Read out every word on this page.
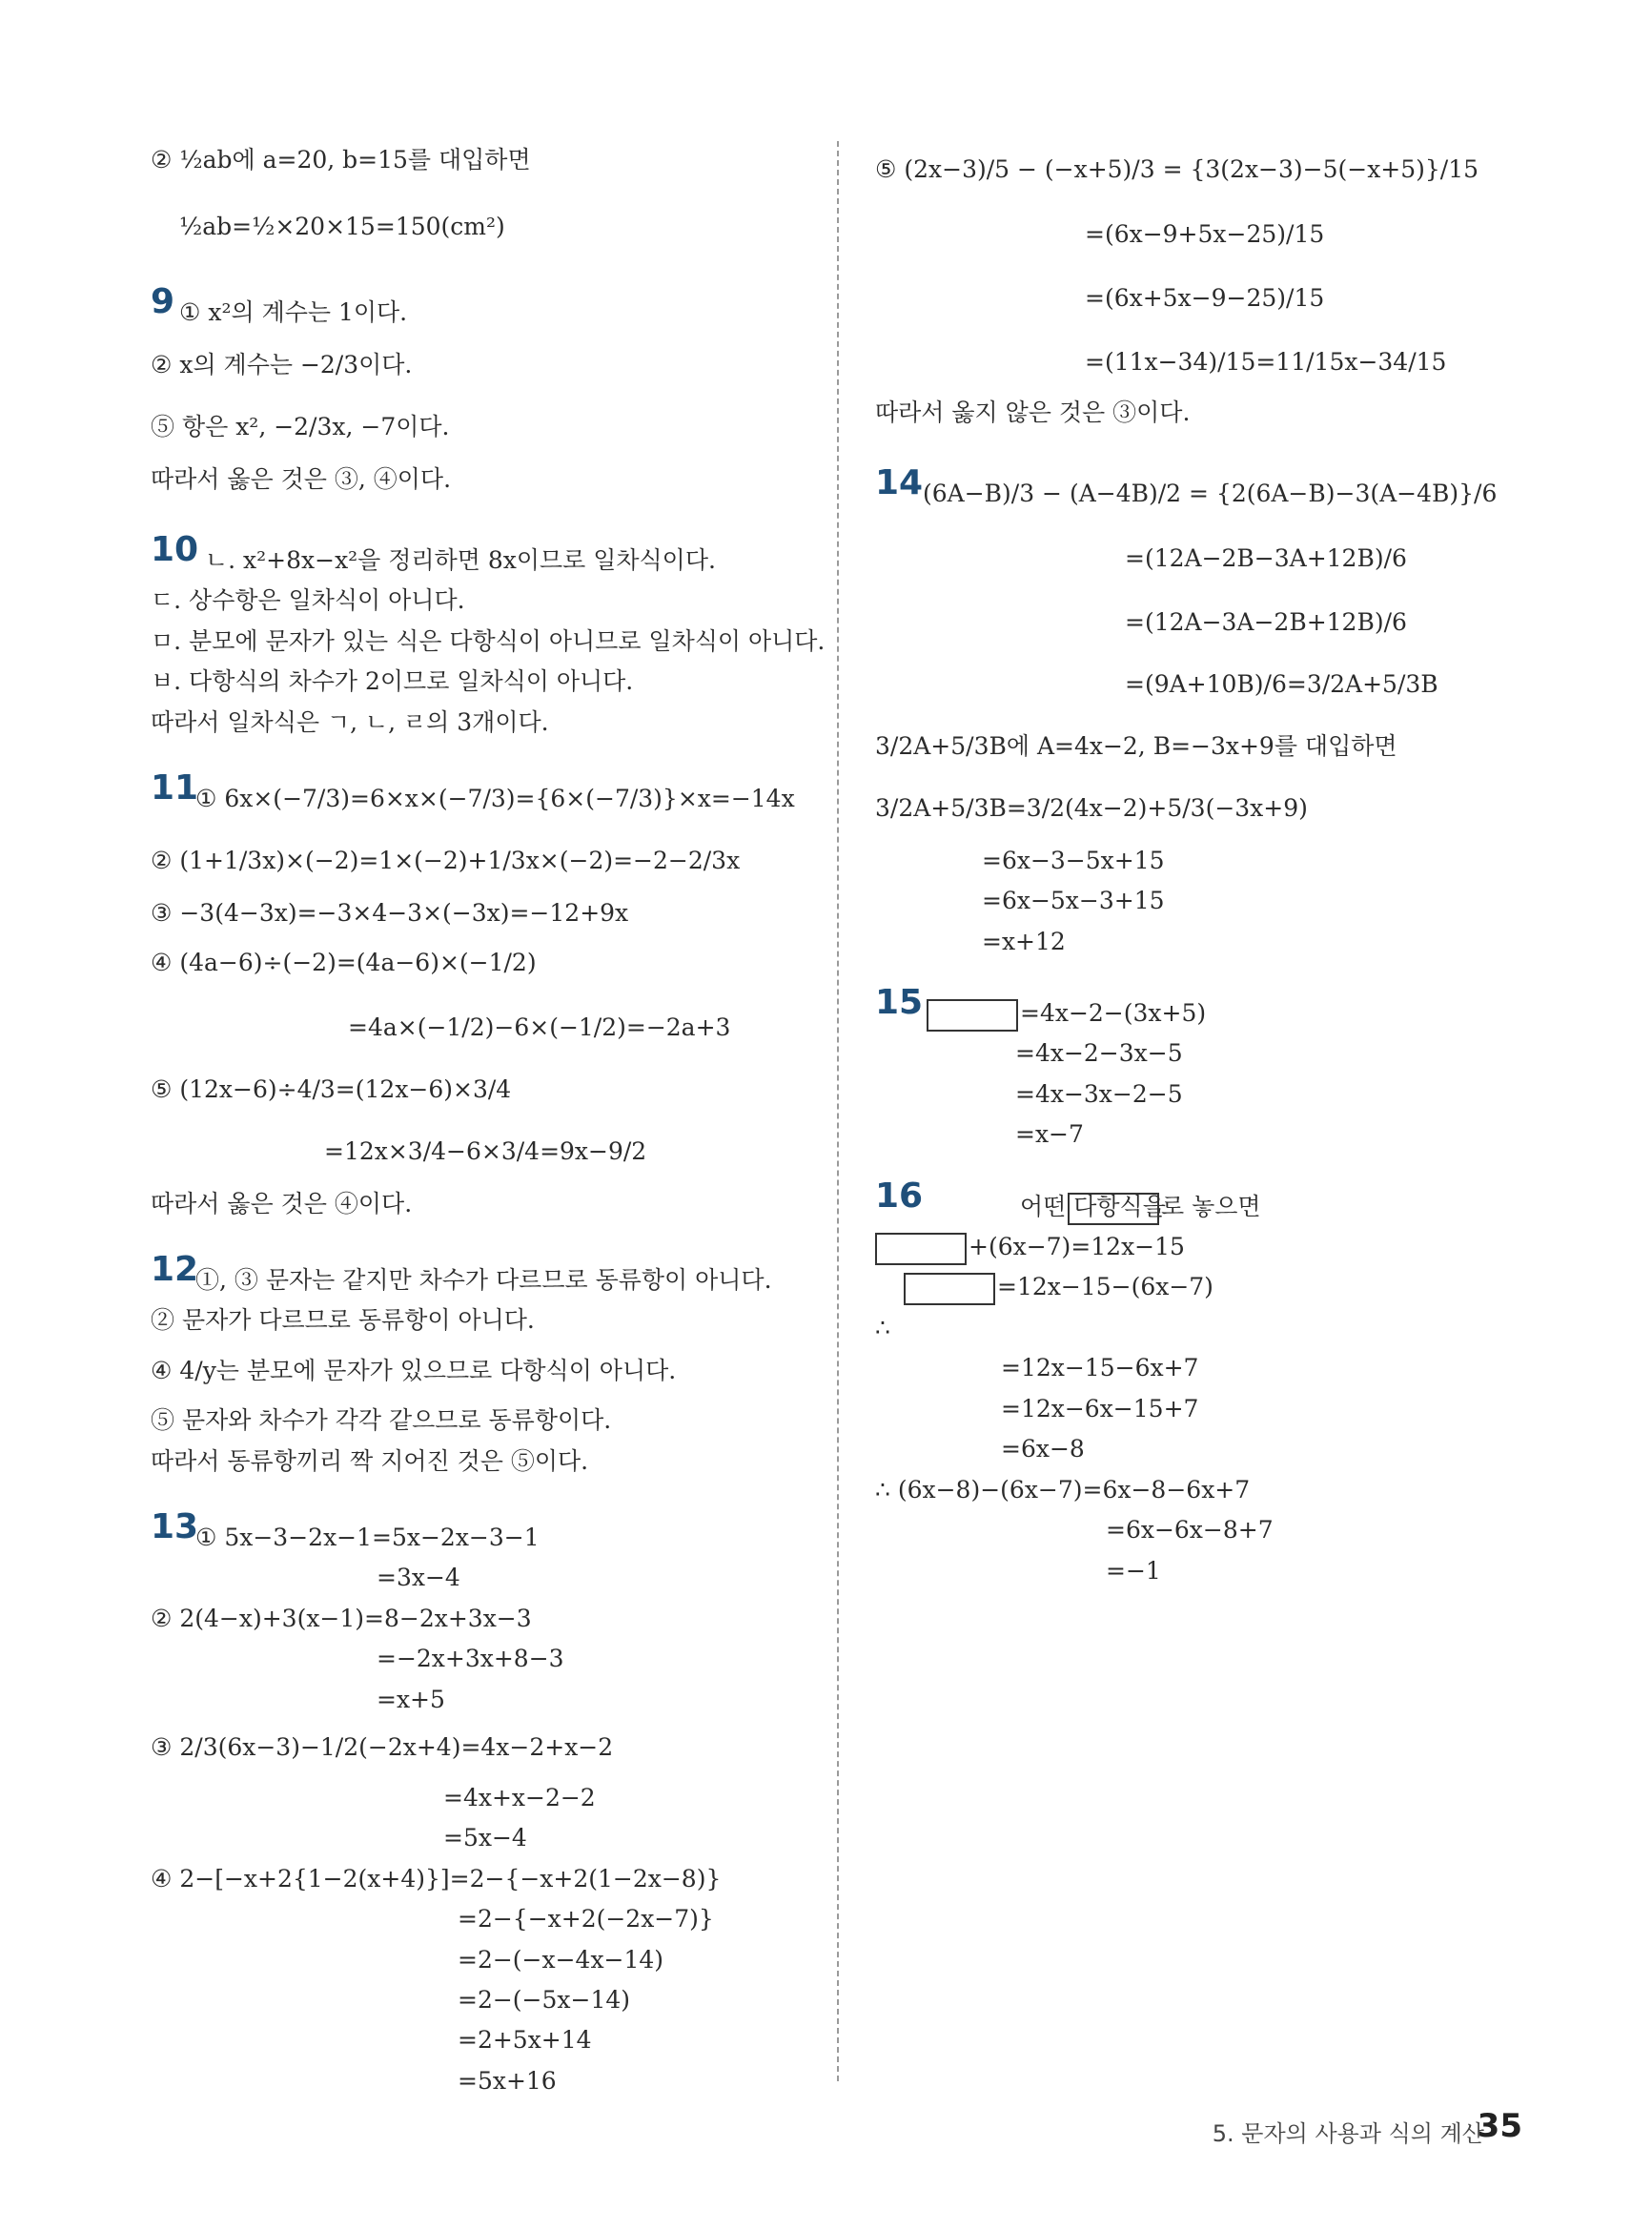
② ½ab에 a=20, b=15를 대입하면
½ab=½×20×15=150(cm²)
9 ① x²의 계수는 1이다.
② x의 계수는 −2/3이다.
⑤ 항은 x², −2/3x, −7이다.
따라서 옳은 것은 ③, ④이다.
10 ㄴ. x²+8x−x²을 정리하면 8x이므로 일차식이다.
ㄷ. 상수항은 일차식이 아니다.
ㅁ. 분모에 문자가 있는 식은 다항식이 아니므로 일차식이 아니다.
ㅂ. 다항식의 차수가 2이므로 일차식이 아니다.
따라서 일차식은 ㄱ, ㄴ, ㄹ의 3개이다.
11
① 6x×(−7/3)=6×x×(−7/3)={6×(−7/3)}×x=−14x
② (1+1/3x)×(−2)=1×(−2)+1/3x×(−2)=−2−2/3x
③ −3(4−3x)=−3×4−3×(−3x)=−12+9x
④ (4a−6)÷(−2)=(4a−6)×(−1/2)
=4a×(−1/2)−6×(−1/2)=−2a+3
⑤ (12x−6)÷4/3=(12x−6)×3/4
=12x×3/4−6×3/4=9x−9/2
따라서 옳은 것은 ④이다.
12
①, ③ 문자는 같지만 차수가 다르므로 동류항이 아니다.
② 문자가 다르므로 동류항이 아니다.
④ 4/y는 분모에 문자가 있으므로 다항식이 아니다.
⑤ 문자와 차수가 각각 같으므로 동류항이다.
따라서 동류항끼리 짝 지어진 것은 ⑤이다.
13
① 5x−3−2x−1=5x−2x−3−1
=3x−4
② 2(4−x)+3(x−1)=8−2x+3x−3
=−2x+3x+8−3
=x+5
③ 2/3(6x−3)−1/2(−2x+4)=4x−2+x−2
=4x+x−2−2
=5x−4
④ 2−[−x+2{1−2(x+4)}]=2−{−x+2(1−2x−8)}
=2−{−x+2(−2x−7)}
=2−(−x−4x−14)
=2−(−5x−14)
=2+5x+14
=5x+16
⑤ (2x−3)/5 − (−x+5)/3 = {3(2x−3)−5(−x+5)}/15
=(6x−9+5x−25)/15
=(6x+5x−9−25)/15
=(11x−34)/15=11/15x−34/15
따라서 옳지 않은 것은 ③이다.
14 (6A−B)/3 − (A−4B)/2 = {2(6A−B)−3(A−4B)}/6
=(12A−2B−3A+12B)/6
=(12A−3A−2B+12B)/6
=(9A+10B)/6=3/2A+5/3B
3/2A+5/3B에 A=4x−2, B=−3x+9를 대입하면
3/2A+5/3B=3/2(4x−2)+5/3(−3x+9)
=6x−3−5x+15
=6x−5x−3+15
=x+12
15	=4x−2−(3x+5)
=4x−2−3x−5
=4x−3x−2−5
=x−7
16	어떤 다항식을
∴
=12x−15−6x+7
=12x−6x−15+7
=6x−8
∴ (6x−8)−(6x−7)=6x−8−6x+7
=6x−6x−8+7
=−1
로 놓으면
+(6x−7)=12x−15
=12x−15−(6x−7)
5. 문자의 사용과 식의 계산
35
